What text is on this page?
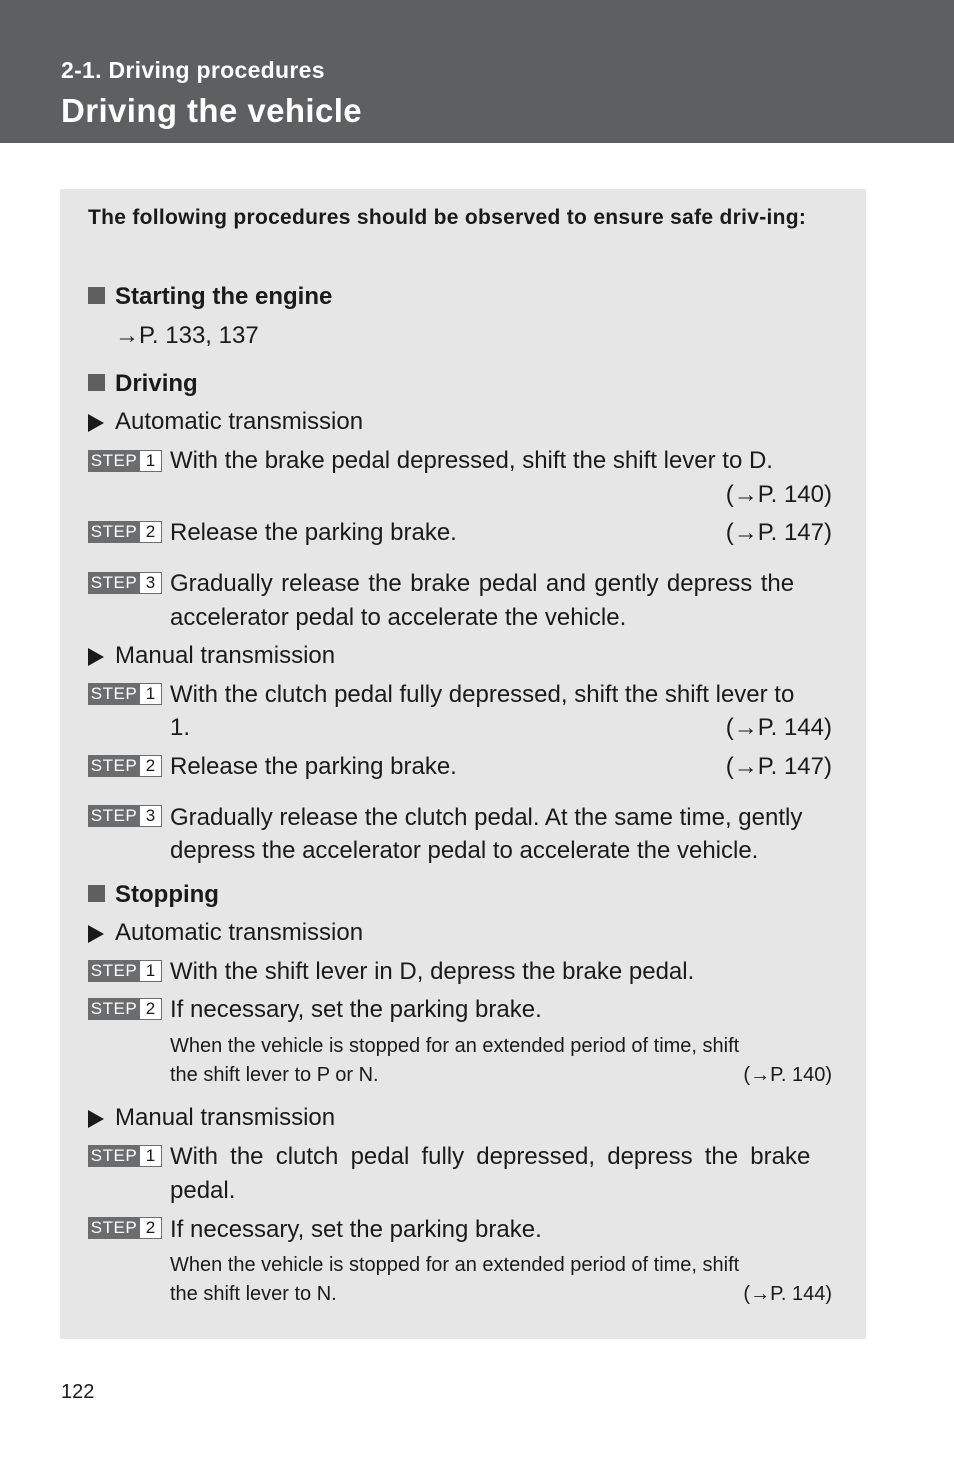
2-1. Driving procedures
Driving the vehicle
The following procedures should be observed to ensure safe driv-ing:
Starting the engine
→P. 133, 137
Driving
Automatic transmission
STEP 1 With the brake pedal depressed, shift the shift lever to D.
(→P. 140)
STEP 2 Release the parking brake.	(→P. 147)
STEP 3 Gradually release the brake pedal and gently depress the
accelerator pedal to accelerate the vehicle.
Manual transmission
STEP 1 With the clutch pedal fully depressed, shift the shift lever to
1.	(→P. 144)
STEP 2 Release the parking brake.	(→P. 147)
STEP 3 Gradually release the clutch pedal. At the same time, gently
depress the accelerator pedal to accelerate the vehicle.
Stopping
Automatic transmission
STEP 1 With the shift lever in D, depress the brake pedal.
STEP 2 If necessary, set the parking brake.
When the vehicle is stopped for an extended period of time, shift
the shift lever to P or N.	(→P. 140)
Manual transmission
STEP 1 With the clutch pedal fully depressed, depress the brake
pedal.
STEP 2 If necessary, set the parking brake.
When the vehicle is stopped for an extended period of time, shift
the shift lever to N.	(→P. 144)
122
